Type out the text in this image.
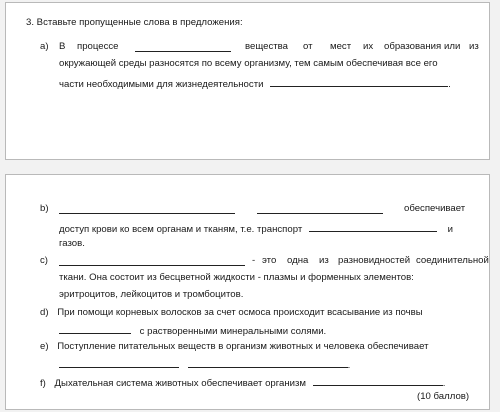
3. Вставьте пропущенные слова в предложения:
а) В процессе	вещества от мест их образования или из
окружающей среды разносятся по всему организму, тем самым обеспечивая все его
части необходимыми для жизнедеятельности	.
b)	обеспечивает
доступ крови ко всем органам и тканям, т.е. транспорт	и
газов.
c)	- это одна из разновидностей соединительной
ткани. Она состоит из бесцветной жидкости - плазмы и форменных элементов:
эритроцитов, лейкоцитов и тромбоцитов.
d) При помощи корневых волосков за счет осмоса происходит всасывание из почвы
с растворенными минеральными солями.
e) Поступление питательных веществ в организм животных и человека обеспечивает
.
f) Дыхательная система животных обеспечивает организм	.
(10 баллов)
